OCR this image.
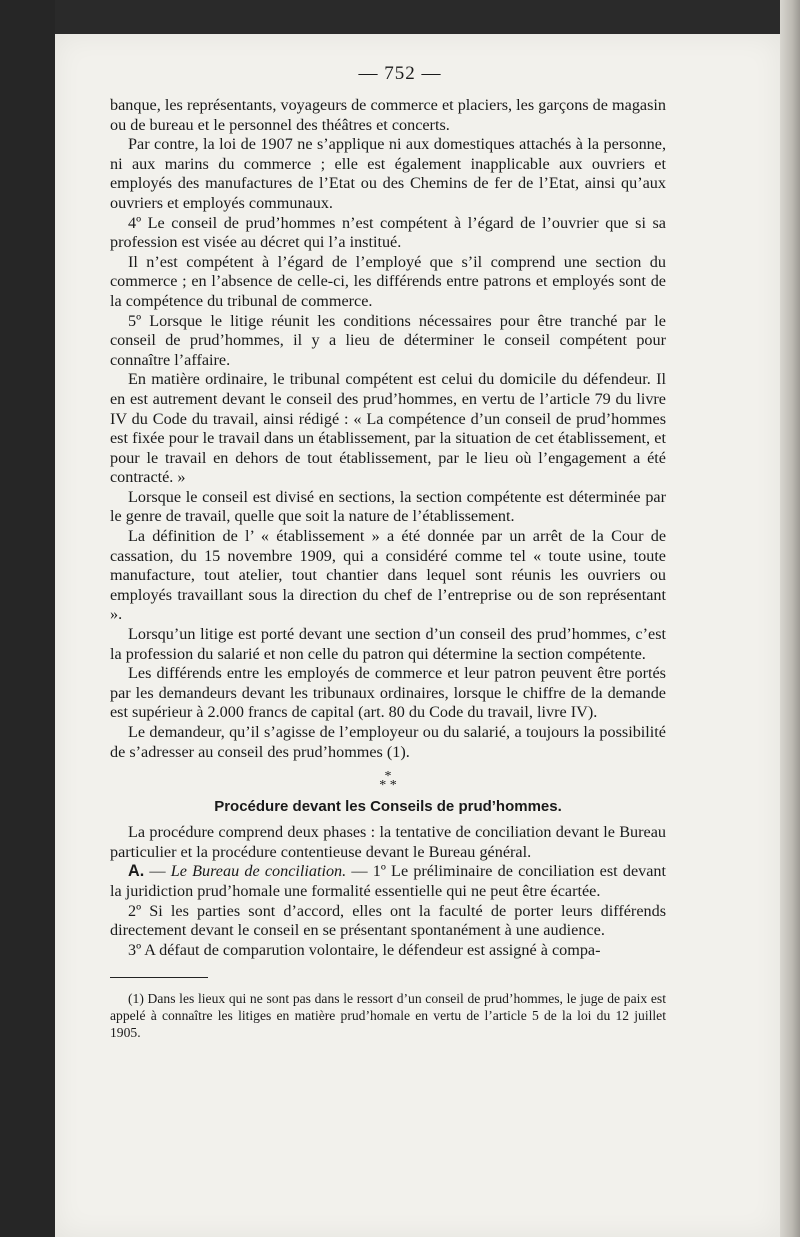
— 752 —

banque, les représentants, voyageurs de commerce et placiers, les garçons de magasin ou de bureau et le personnel des théâtres et concerts.

Par contre, la loi de 1907 ne s’applique ni aux domestiques attachés à la personne, ni aux marins du commerce ; elle est également inapplicable aux ouvriers et employés des manufactures de l’Etat ou des Chemins de fer de l’Etat, ainsi qu’aux ouvriers et employés communaux.

4º Le conseil de prud’hommes n’est compétent à l’égard de l’ouvrier que si sa profession est visée au décret qui l’a institué.

Il n’est compétent à l’égard de l’employé que s’il comprend une section du commerce ; en l’absence de celle-ci, les différends entre patrons et employés sont de la compétence du tribunal de commerce.

5º Lorsque le litige réunit les conditions nécessaires pour être tranché par le conseil de prud’hommes, il y a lieu de déterminer le conseil compétent pour connaître l’affaire.

En matière ordinaire, le tribunal compétent est celui du domicile du défendeur. Il en est autrement devant le conseil des prud’hommes, en vertu de l’article 79 du livre IV du Code du travail, ainsi rédigé : « La compétence d’un conseil de prud’hommes est fixée pour le travail dans un établissement, par la situation de cet établissement, et pour le travail en dehors de tout établissement, par le lieu où l’engagement a été contracté. »

Lorsque le conseil est divisé en sections, la section compétente est déterminée par le genre de travail, quelle que soit la nature de l’établissement.

La définition de l’ « établissement » a été donnée par un arrêt de la Cour de cassation, du 15 novembre 1909, qui a considéré comme tel « toute usine, toute manufacture, tout atelier, tout chantier dans lequel sont réunis les ouvriers ou employés travaillant sous la direction du chef de l’entreprise ou de son représentant ».

Lorsqu’un litige est porté devant une section d’un conseil des prud’hommes, c’est la profession du salarié et non celle du patron qui détermine la section compétente.

Les différends entre les employés de commerce et leur patron peuvent être portés par les demandeurs devant les tribunaux ordinaires, lorsque le chiffre de la demande est supérieur à 2.000 francs de capital (art. 80 du Code du travail, livre IV).

Le demandeur, qu’il s’agisse de l’employeur ou du salarié, a toujours la possibilité de s’adresser au conseil des prud’hommes (1).

*
* *
Procédure devant les Conseils de prud’hommes.

La procédure comprend deux phases : la tentative de conciliation devant le Bureau particulier et la procédure contentieuse devant le Bureau général.

A. — Le Bureau de conciliation. — 1º Le préliminaire de conciliation est devant la juridiction prud’homale une formalité essentielle qui ne peut être écartée.

2º Si les parties sont d’accord, elles ont la faculté de porter leurs différends directement devant le conseil en se présentant spontanément à une audience.

3º A défaut de comparution volontaire, le défendeur est assigné à compa-

(1) Dans les lieux qui ne sont pas dans le ressort d’un conseil de prud’hommes, le juge de paix est appelé à connaître les litiges en matière prud’homale en vertu de l’article 5 de la loi du 12 juillet 1905.
